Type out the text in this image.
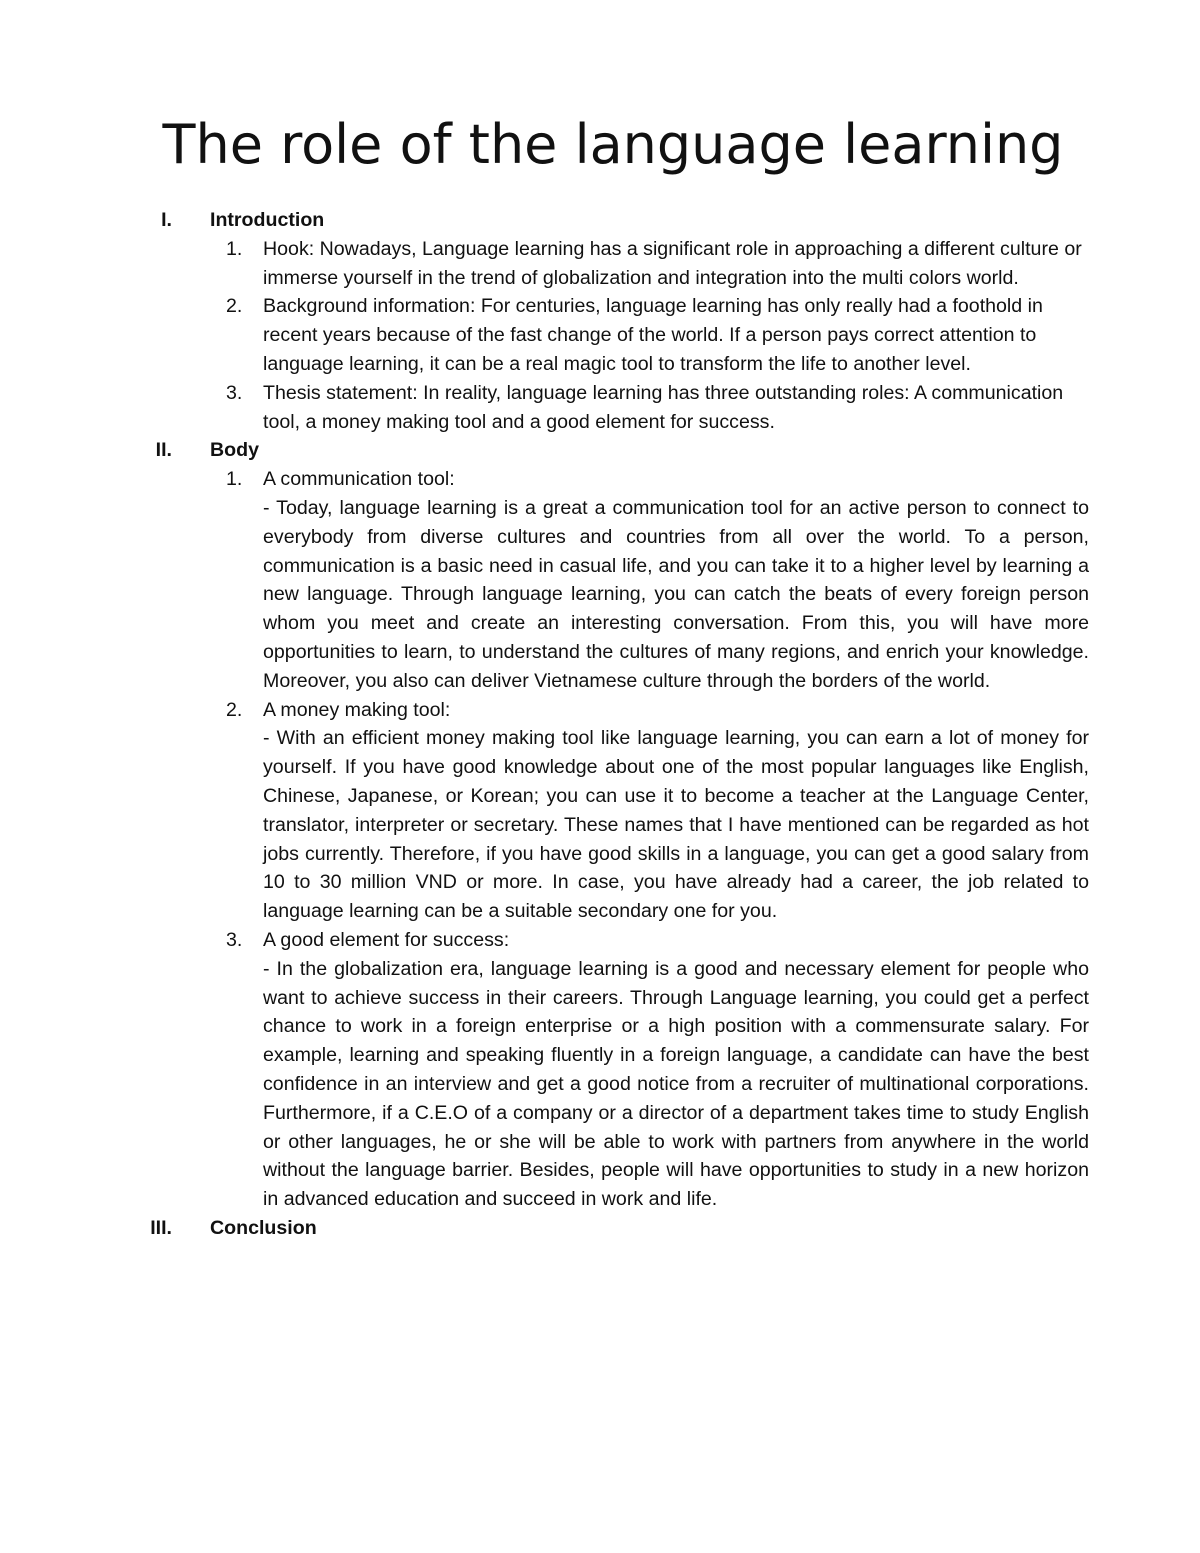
The role of the language learning
I. Introduction
1. Hook: Nowadays, Language learning has a significant role in approaching a different culture or immerse yourself in the trend of globalization and integration into the multi colors world.
2. Background information: For centuries, language learning has only really had a foothold in recent years because of the fast change of the world. If a person pays correct attention to language learning, it can be a real magic tool to transform the life to another level.
3. Thesis statement: In reality, language learning has three outstanding roles: A communication tool, a money making tool and a good element for success.
II. Body
1. A communication tool:
- Today, language learning is a great a communication tool for an active person to connect to everybody from diverse cultures and countries from all over the world. To a person, communication is a basic need in casual life, and you can take it to a higher level by learning a new language. Through language learning, you can catch the beats of every foreign person whom you meet and create an interesting conversation. From this, you will have more opportunities to learn, to understand the cultures of many regions, and enrich your knowledge. Moreover, you also can deliver Vietnamese culture through the borders of the world.
2. A money making tool:
- With an efficient money making tool like language learning, you can earn a lot of money for yourself. If you have good knowledge about one of the most popular languages like English, Chinese, Japanese, or Korean; you can use it to become a teacher at the Language Center, translator, interpreter or secretary. These names that I have mentioned can be regarded as hot jobs currently. Therefore, if you have good skills in a language, you can get a good salary from 10 to 30 million VND or more. In case, you have already had a career, the job related to language learning can be a suitable secondary one for you.
3. A good element for success:
- In the globalization era, language learning is a good and necessary element for people who want to achieve success in their careers. Through Language learning, you could get a perfect chance to work in a foreign enterprise or a high position with a commensurate salary. For example, learning and speaking fluently in a foreign language, a candidate can have the best confidence in an interview and get a good notice from a recruiter of multinational corporations. Furthermore, if a C.E.O of a company or a director of a department takes time to study English or other languages, he or she will be able to work with partners from anywhere in the world without the language barrier. Besides, people will have opportunities to study in a new horizon in advanced education and succeed in work and life.
III. Conclusion
